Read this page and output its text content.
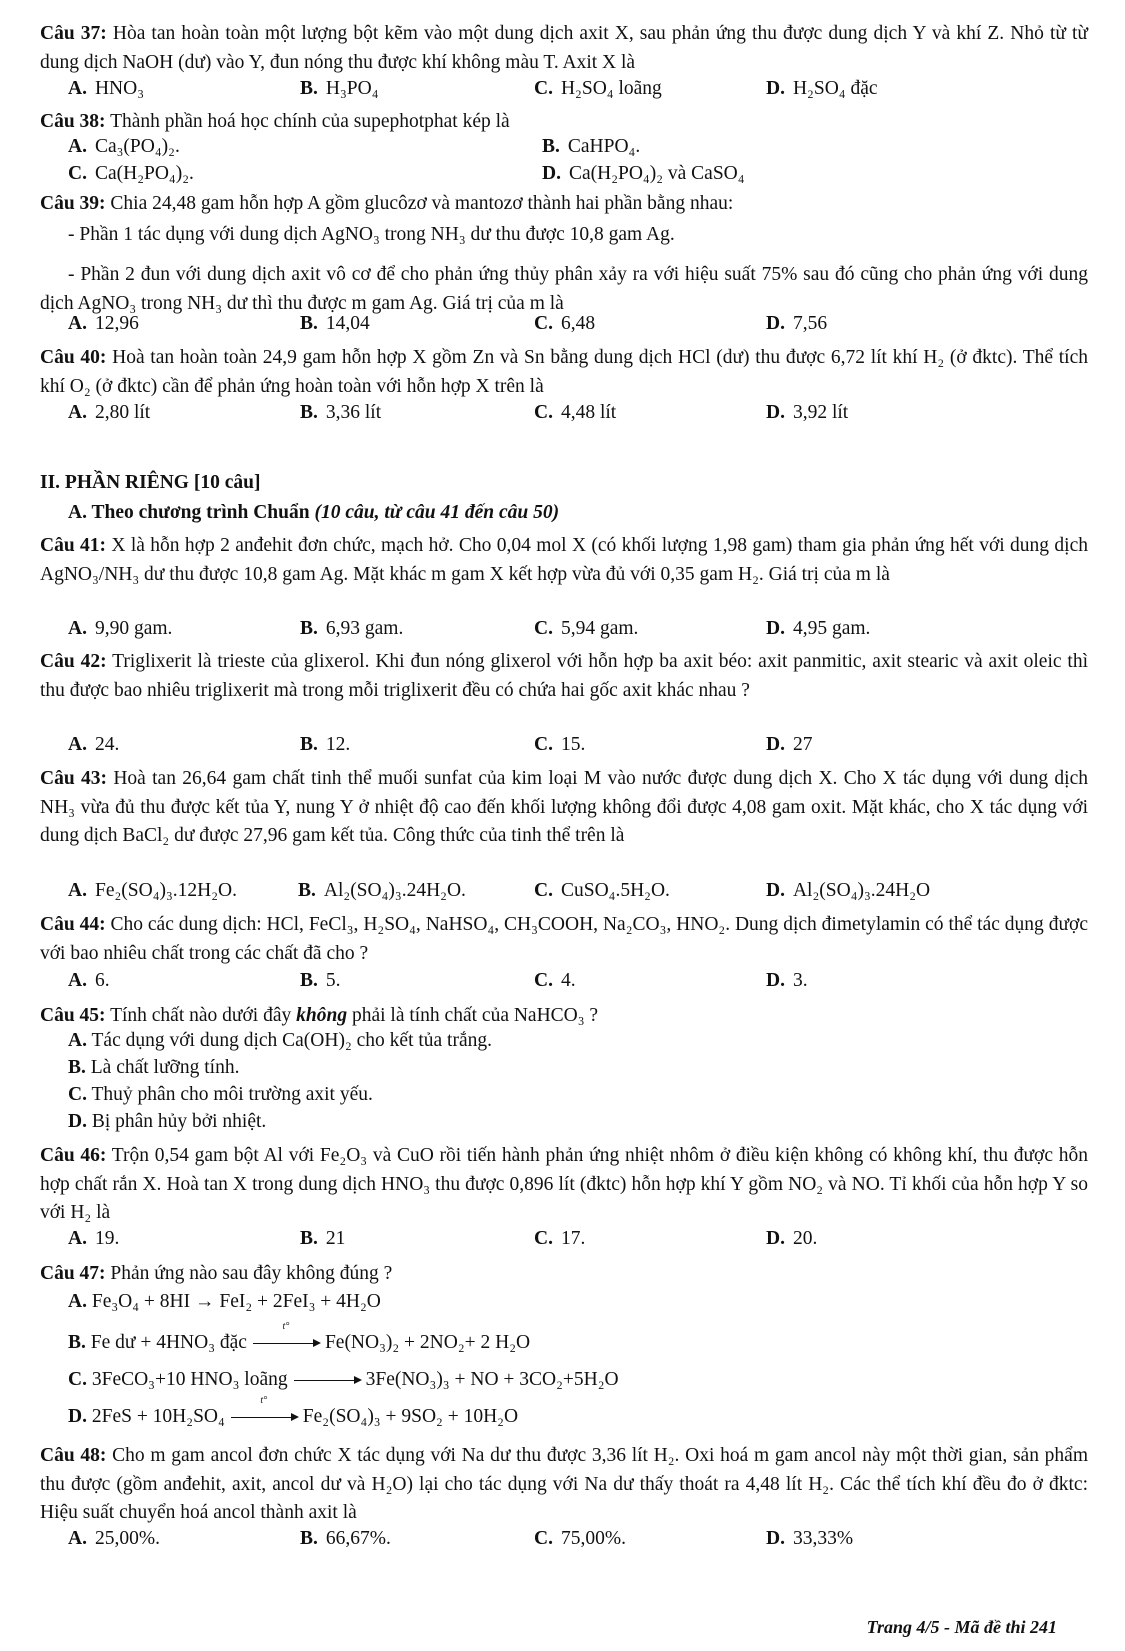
Câu 37: Hòa tan hoàn toàn một lượng bột kẽm vào một dung dịch axit X, sau phản ứng thu được dung dịch Y và khí Z. Nhỏ từ từ dung dịch NaOH (dư) vào Y, đun nóng thu được khí không màu T. Axit X là
A. HNO₃	B. H₃PO₄	C. H₂SO₄ loãng	D. H₂SO₄ đặc
Câu 38: Thành phần hoá học chính của supephotphat kép là
A. Ca₃(PO₄)₂.	B. CaHPO₄.
C. Ca(H₂PO₄)₂.	D. Ca(H₂PO₄)₂ và CaSO₄
Câu 39: Chia 24,48 gam hỗn hợp A gồm glucôzơ và mantozơ thành hai phần bằng nhau:
- Phần 1 tác dụng với dung dịch AgNO₃ trong NH₃ dư thu được 10,8 gam Ag.
- Phần 2 đun với dung dịch axit vô cơ để cho phản ứng thủy phân xảy ra với hiệu suất 75% sau đó cũng cho phản ứng với dung dịch AgNO₃ trong NH₃ dư thì thu được m gam Ag. Giá trị của m là
A. 12,96	B. 14,04	C. 6,48	D. 7,56
Câu 40: Hoà tan hoàn toàn 24,9 gam hỗn hợp X gồm Zn và Sn bằng dung dịch HCl (dư) thu được 6,72 lít khí H₂ (ở đktc). Thể tích khí O₂ (ở đktc) cần để phản ứng hoàn toàn với hỗn hợp X trên là
A. 2,80 lít	B. 3,36 lít	C. 4,48 lít	D. 3,92 lít
II. PHẦN RIÊNG [10 câu]
A. Theo chương trình Chuẩn (10 câu, từ câu 41 đến câu 50)
Câu 41: X là hỗn hợp 2 anđehit đơn chức, mạch hở. Cho 0,04 mol X (có khối lượng 1,98 gam) tham gia phản ứng hết với dung dịch AgNO₃/NH₃ dư thu được 10,8 gam Ag. Mặt khác m gam X kết hợp vừa đủ với 0,35 gam H₂. Giá trị của m là
A. 9,90 gam.	B. 6,93 gam.	C. 5,94 gam.	D. 4,95 gam.
Câu 42: Triglixerit là trieste của glixerol. Khi đun nóng glixerol với hỗn hợp ba axit béo: axit panmitic, axit stearic và axit oleic thì thu được bao nhiêu triglixerit mà trong mỗi triglixerit đều có chứa hai gốc axit khác nhau ?
A. 24.	B. 12.	C. 15.	D. 27
Câu 43: Hoà tan 26,64 gam chất tinh thể muối sunfat của kim loại M vào nước được dung dịch X. Cho X tác dụng với dung dịch NH₃ vừa đủ thu được kết tủa Y, nung Y ở nhiệt độ cao đến khối lượng không đổi được 4,08 gam oxit. Mặt khác, cho X tác dụng với dung dịch BaCl₂ dư được 27,96 gam kết tủa. Công thức của tinh thể trên là
A. Fe₂(SO₄)₃.12H₂O.	B. Al₂(SO₄)₃.24H₂O.	C. CuSO₄.5H₂O.	D. Al₂(SO₄)₃.24H₂O
Câu 44: Cho các dung dịch: HCl, FeCl₃, H₂SO₄, NaHSO₄, CH₃COOH, Na₂CO₃, HNO₂. Dung dịch đimetylamin có thể tác dụng được với bao nhiêu chất trong các chất đã cho ?
A. 6.	B. 5.	C. 4.	D. 3.
Câu 45: Tính chất nào dưới đây không phải là tính chất của NaHCO₃ ?
A. Tác dụng với dung dịch Ca(OH)₂ cho kết tủa trắng.
B. Là chất lưỡng tính.
C. Thuỷ phân cho môi trường axit yếu.
D. Bị phân hủy bởi nhiệt.
Câu 46: Trộn 0,54 gam bột Al với Fe₂O₃ và CuO rồi tiến hành phản ứng nhiệt nhôm ở điều kiện không có không khí, thu được hỗn hợp chất rắn X. Hoà tan X trong dung dịch HNO₃ thu được 0,896 lít (đktc) hỗn hợp khí Y gồm NO₂ và NO. Tỉ khối của hỗn hợp Y so với H₂ là
A. 19.	B. 21	C. 17.	D. 20.
Câu 47: Phản ứng nào sau đây không đúng ?
A. Fe₃O₄ + 8HI → FeI₂ + 2FeI₃ + 4H₂O
B. Fe dư + 4HNO₃ đặc
t°
Fe(NO₃)₂ + 2NO₂+ 2 H₂O
C. 3FeCO₃+10 HNO₃ loãng	3Fe(NO₃)₃ + NO + 3CO₂+5H₂O
D. 2FeS + 10H₂SO₄
t°
Fe₂(SO₄)₃ + 9SO₂ + 10H₂O
Câu 48: Cho m gam ancol đơn chức X tác dụng với Na dư thu được 3,36 lít H₂. Oxi hoá m gam ancol này một thời gian, sản phẩm thu được (gồm anđehit, axit, ancol dư và H₂O) lại cho tác dụng với Na dư thấy thoát ra 4,48 lít H₂. Các thể tích khí đều đo ở đktc: Hiệu suất chuyển hoá ancol thành axit là
A. 25,00%.	B. 66,67%.	C. 75,00%.	D. 33,33%
Trang 4/5 - Mã đề thi 241
